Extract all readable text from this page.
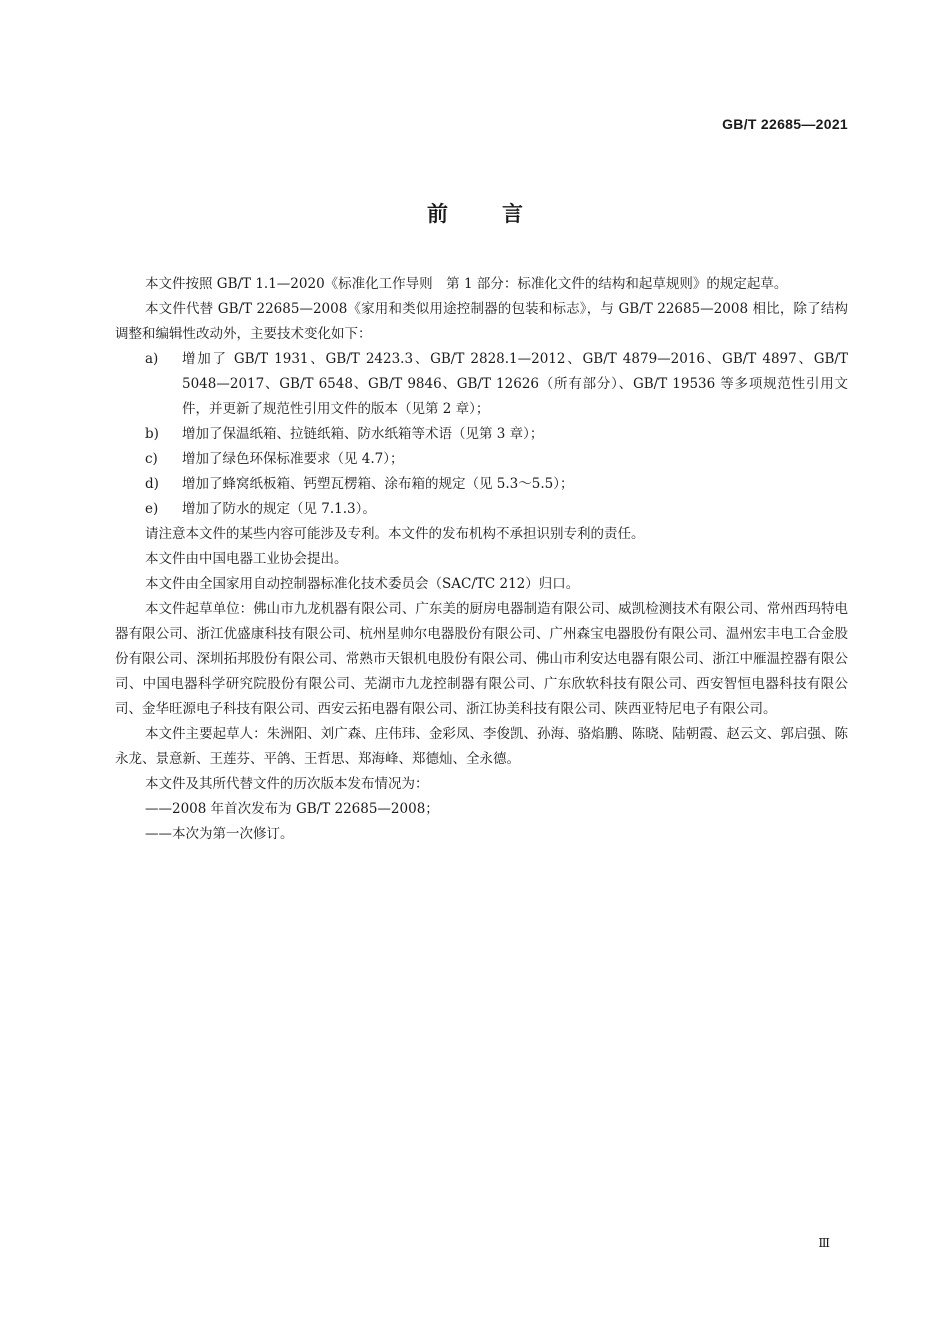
GB/T 22685—2021
前言

本文件按照 GB/T 1.1—2020《标准化工作导则　第 1 部分：标准化文件的结构和起草规则》的规定起草。

本文件代替 GB/T 22685—2008《家用和类似用途控制器的包装和标志》，与 GB/T 22685—2008 相比，除了结构调整和编辑性改动外，主要技术变化如下：

a)	增加了 GB/T 1931、GB/T 2423.3、GB/T 2828.1—2012、GB/T 4879—2016、GB/T 4897、GB/T 5048—2017、GB/T 6548、GB/T 9846、GB/T 12626（所有部分）、GB/T 19536 等多项规范性引用文件，并更新了规范性引用文件的版本（见第 2 章）；
b)	增加了保温纸箱、拉链纸箱、防水纸箱等术语（见第 3 章）；
c)	增加了绿色环保标准要求（见 4.7）；
d)	增加了蜂窝纸板箱、钙塑瓦楞箱、涂布箱的规定（见 5.3～5.5）；
e)	增加了防水的规定（见 7.1.3）。

请注意本文件的某些内容可能涉及专利。本文件的发布机构不承担识别专利的责任。

本文件由中国电器工业协会提出。

本文件由全国家用自动控制器标准化技术委员会（SAC/TC 212）归口。

本文件起草单位：佛山市九龙机器有限公司、广东美的厨房电器制造有限公司、威凯检测技术有限公司、常州西玛特电器有限公司、浙江优盛康科技有限公司、杭州星帅尔电器股份有限公司、广州森宝电器股份有限公司、温州宏丰电工合金股份有限公司、深圳拓邦股份有限公司、常熟市天银机电股份有限公司、佛山市利安达电器有限公司、浙江中雁温控器有限公司、中国电器科学研究院股份有限公司、芜湖市九龙控制器有限公司、广东欣软科技有限公司、西安智恒电器科技有限公司、金华旺源电子科技有限公司、西安云拓电器有限公司、浙江协美科技有限公司、陕西亚特尼电子有限公司。

本文件主要起草人：朱洲阳、刘广森、庄伟玮、金彩凤、李俊凯、孙海、骆焰鹏、陈晓、陆朝霞、赵云文、郭启强、陈永龙、景意新、王莲芬、平鸽、王哲思、郑海峰、郑德灿、全永德。

本文件及其所代替文件的历次版本发布情况为：

——2008 年首次发布为 GB/T 22685—2008；

——本次为第一次修订。

Ⅲ
